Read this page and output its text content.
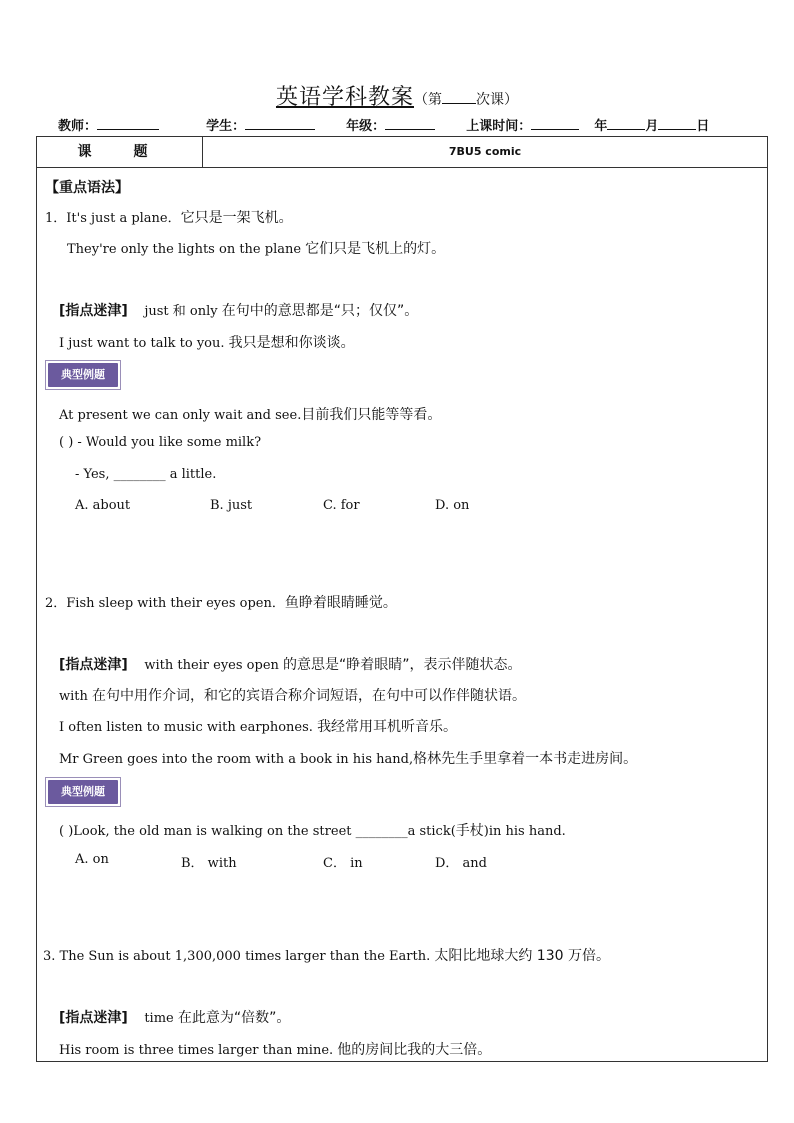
英语学科教案（第 次课）
教师：	学生：	年级：	上课时间：	年	月	日
课　题	7BU5 comic
【重点语法】
1．It's just a plane．它只是一架飞机。
They're only the lights on the plane 它们只是飞机上的灯。
[指点迷津] just 和 only 在句中的意思都是“只；仅仅”。
I just want to talk to you. 我只是想和你谈谈。
典型例题
At present we can only wait and see.目前我们只能等等看。
( ) - Would you like some milk?
- Yes, ________ a little.
A. about	B. just	C. for	D. on
2．Fish sleep with their eyes open．鱼睁着眼睛睡觉。
[指点迷津] with their eyes open 的意思是“睁着眼睛”，表示伴随状态。
with 在句中用作介词，和它的宾语合称介词短语，在句中可以作伴随状语。
I often listen to music with earphones. 我经常用耳机听音乐。
Mr Green goes into the room with a book in his hand,格林先生手里拿着一本书走进房间。
典型例题
( )Look, the old man is walking on the street ________a stick(手杖)in his hand.
A. on	B． with	C． in	D． and
3. The Sun is about 1,300,000 times larger than the Earth. 太阳比地球大约 130 万倍。
[指点迷津] time 在此意为“倍数”。
His room is three times larger than mine. 他的房间比我的大三倍。
